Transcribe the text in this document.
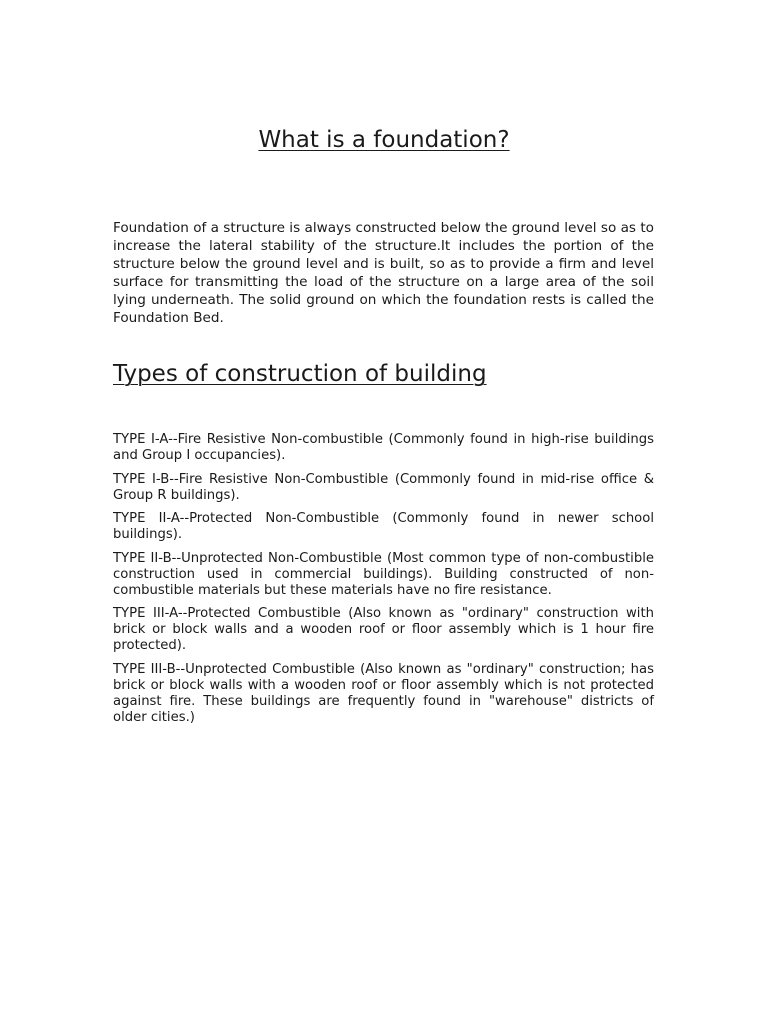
What is a foundation?

Foundation of a structure is always constructed below the ground level so as to increase the lateral stability of the structure.It includes the portion of the structure below the ground level and is built, so as to provide a firm and level surface for transmitting the load of the structure on a large area of the soil lying underneath. The solid ground on which the foundation rests is called the Foundation Bed.

Types of construction of building
TYPE I-A--Fire Resistive Non-combustible (Commonly found in high-rise buildings and Group I occupancies).
TYPE I-B--Fire Resistive Non-Combustible (Commonly found in mid-rise office & Group R buildings).
TYPE II-A--Protected Non-Combustible (Commonly found in newer school buildings).
TYPE II-B--Unprotected Non-Combustible (Most common type of non-combustible construction used in commercial buildings). Building constructed of non-combustible materials but these materials have no fire resistance.
TYPE III-A--Protected Combustible (Also known as "ordinary" construction with brick or block walls and a wooden roof or floor assembly which is 1 hour fire protected).
TYPE III-B--Unprotected Combustible (Also known as "ordinary" construction; has brick or block walls with a wooden roof or floor assembly which is not protected against fire. These buildings are frequently found in "warehouse" districts of older cities.)
